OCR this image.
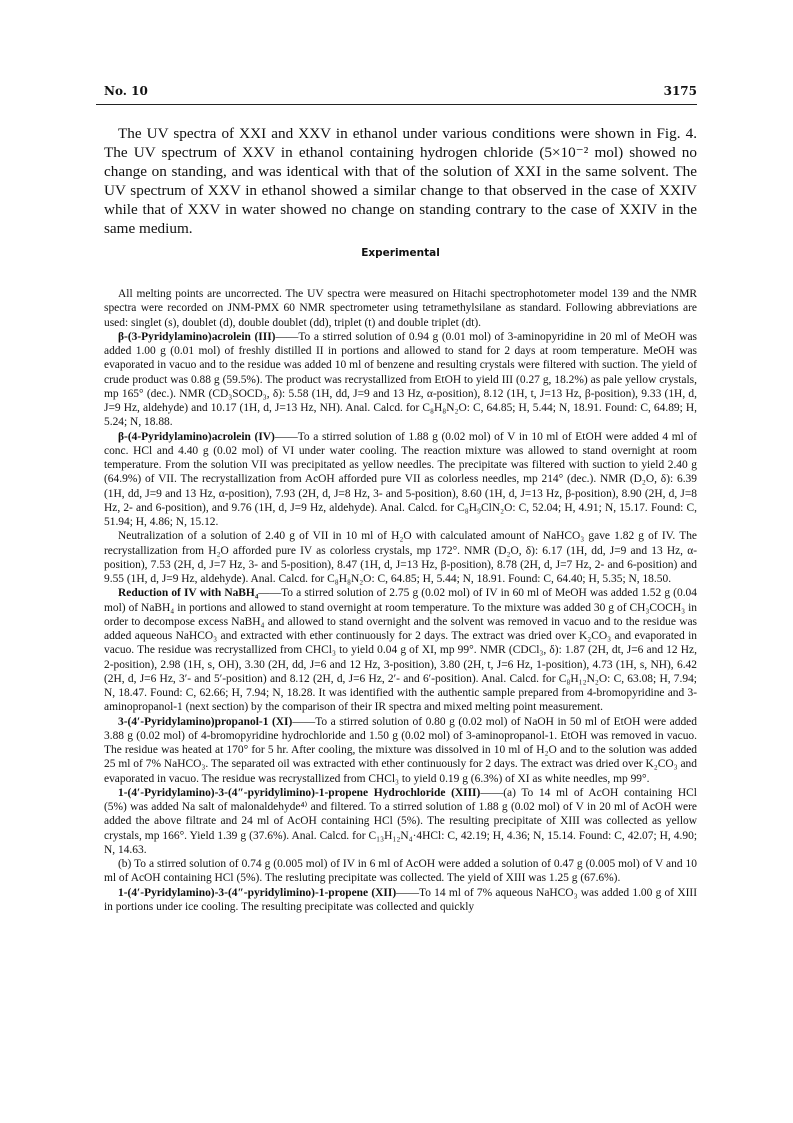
No. 10	3175

The UV spectra of XXI and XXV in ethanol under various conditions were shown in Fig. 4. The UV spectrum of XXV in ethanol containing hydrogen chloride (5×10⁻² mol) showed no change on standing, and was identical with that of the solution of XXI in the same solvent. The UV spectrum of XXV in ethanol showed a similar change to that observed in the case of XXIV while that of XXV in water showed no change on standing contrary to the case of XXIV in the same medium.

Experimental

All melting points are uncorrected. The UV spectra were measured on Hitachi spectrophotometer model 139 and the NMR spectra were recorded on JNM-PMX 60 NMR spectrometer using tetramethylsilane as standard. Following abbreviations are used: singlet (s), doublet (d), double doublet (dd), triplet (t) and double triplet (dt).

β-(3-Pyridylamino)acrolein (III)——To a stirred solution of 0.94 g (0.01 mol) of 3-aminopyridine in 20 ml of MeOH was added 1.00 g (0.01 mol) of freshly distilled II in portions and allowed to stand for 2 days at room temperature. MeOH was evaporated in vacuo and to the residue was added 10 ml of benzene and resulting crystals were filtered with suction. The yield of crude product was 0.88 g (59.5%). The product was recrystallized from EtOH to yield III (0.27 g, 18.2%) as pale yellow crystals, mp 165° (dec.). NMR (CD₃SOCD₃, δ): 5.58 (1H, dd, J=9 and 13 Hz, α-position), 8.12 (1H, t, J=13 Hz, β-position), 9.33 (1H, d, J=9 Hz, aldehyde) and 10.17 (1H, d, J=13 Hz, NH). Anal. Calcd. for C₈H₈N₂O: C, 64.85; H, 5.44; N, 18.91. Found: C, 64.89; H, 5.24; N, 18.88.

β-(4-Pyridylamino)acrolein (IV)——To a stirred solution of 1.88 g (0.02 mol) of V in 10 ml of EtOH were added 4 ml of conc. HCl and 4.40 g (0.02 mol) of VI under water cooling. The reaction mixture was allowed to stand overnight at room temperature. From the solution VII was precipitated as yellow needles. The precipitate was filtered with suction to yield 2.40 g (64.9%) of VII. The recrystallization from AcOH afforded pure VII as colorless needles, mp 214° (dec.). NMR (D₂O, δ): 6.39 (1H, dd, J=9 and 13 Hz, α-position), 7.93 (2H, d, J=8 Hz, 3- and 5-position), 8.60 (1H, d, J=13 Hz, β-position), 8.90 (2H, d, J=8 Hz, 2- and 6-position), and 9.76 (1H, d, J=9 Hz, aldehyde). Anal. Calcd. for C₈H₉ClN₂O: C, 52.04; H, 4.91; N, 15.17. Found: C, 51.94; H, 4.86; N, 15.12.

Neutralization of a solution of 2.40 g of VII in 10 ml of H₂O with calculated amount of NaHCO₃ gave 1.82 g of IV. The recrystallization from H₂O afforded pure IV as colorless crystals, mp 172°. NMR (D₂O, δ): 6.17 (1H, dd, J=9 and 13 Hz, α-position), 7.53 (2H, d, J=7 Hz, 3- and 5-position), 8.47 (1H, d, J=13 Hz, β-position), 8.78 (2H, d, J=7 Hz, 2- and 6-position) and 9.55 (1H, d, J=9 Hz, aldehyde). Anal. Calcd. for C₈H₈N₂O: C, 64.85; H, 5.44; N, 18.91. Found: C, 64.40; H, 5.35; N, 18.50.

Reduction of IV with NaBH₄——To a stirred solution of 2.75 g (0.02 mol) of IV in 60 ml of MeOH was added 1.52 g (0.04 mol) of NaBH₄ in portions and allowed to stand overnight at room temperature. To the mixture was added 30 g of CH₃COCH₃ in order to decompose excess NaBH₄ and allowed to stand overnight and the solvent was removed in vacuo and to the residue was added aqueous NaHCO₃ and extracted with ether continuously for 2 days. The extract was dried over K₂CO₃ and evaporated in vacuo. The residue was recrystallized from CHCl₃ to yield 0.04 g of XI, mp 99°. NMR (CDCl₃, δ): 1.87 (2H, dt, J=6 and 12 Hz, 2-position), 2.98 (1H, s, OH), 3.30 (2H, dd, J=6 and 12 Hz, 3-position), 3.80 (2H, t, J=6 Hz, 1-position), 4.73 (1H, s, NH), 6.42 (2H, d, J=6 Hz, 3′- and 5′-position) and 8.12 (2H, d, J=6 Hz, 2′- and 6′-position). Anal. Calcd. for C₈H₁₂N₂O: C, 63.08; H, 7.94; N, 18.47. Found: C, 62.66; H, 7.94; N, 18.28. It was identified with the authentic sample prepared from 4-bromopyridine and 3-aminopropanol-1 (next section) by the comparison of their IR spectra and mixed melting point measurement.

3-(4′-Pyridylamino)propanol-1 (XI)——To a stirred solution of 0.80 g (0.02 mol) of NaOH in 50 ml of EtOH were added 3.88 g (0.02 mol) of 4-bromopyridine hydrochloride and 1.50 g (0.02 mol) of 3-aminopropanol-1. EtOH was removed in vacuo. The residue was heated at 170° for 5 hr. After cooling, the mixture was dissolved in 10 ml of H₂O and to the solution was added 25 ml of 7% NaHCO₃. The separated oil was extracted with ether continuously for 2 days. The extract was dried over K₂CO₃ and evaporated in vacuo. The residue was recrystallized from CHCl₃ to yield 0.19 g (6.3%) of XI as white needles, mp 99°.

1-(4′-Pyridylamino)-3-(4″-pyridylimino)-1-propene Hydrochloride (XIII)——(a) To 14 ml of AcOH containing HCl (5%) was added Na salt of malonaldehyde⁴⁾ and filtered. To a stirred solution of 1.88 g (0.02 mol) of V in 20 ml of AcOH were added the above filtrate and 24 ml of AcOH containing HCl (5%). The resulting precipitate of XIII was collected as yellow crystals, mp 166°. Yield 1.39 g (37.6%). Anal. Calcd. for C₁₃H₁₂N₄·4HCl: C, 42.19; H, 4.36; N, 15.14. Found: C, 42.07; H, 4.90; N, 14.63.

(b) To a stirred solution of 0.74 g (0.005 mol) of IV in 6 ml of AcOH were added a solution of 0.47 g (0.005 mol) of V and 10 ml of AcOH containing HCl (5%). The resluting precipitate was collected. The yield of XIII was 1.25 g (67.6%).

1-(4′-Pyridylamino)-3-(4″-pyridylimino)-1-propene (XII)——To 14 ml of 7% aqueous NaHCO₃ was added 1.00 g of XIII in portions under ice cooling. The resulting precipitate was collected and quickly
